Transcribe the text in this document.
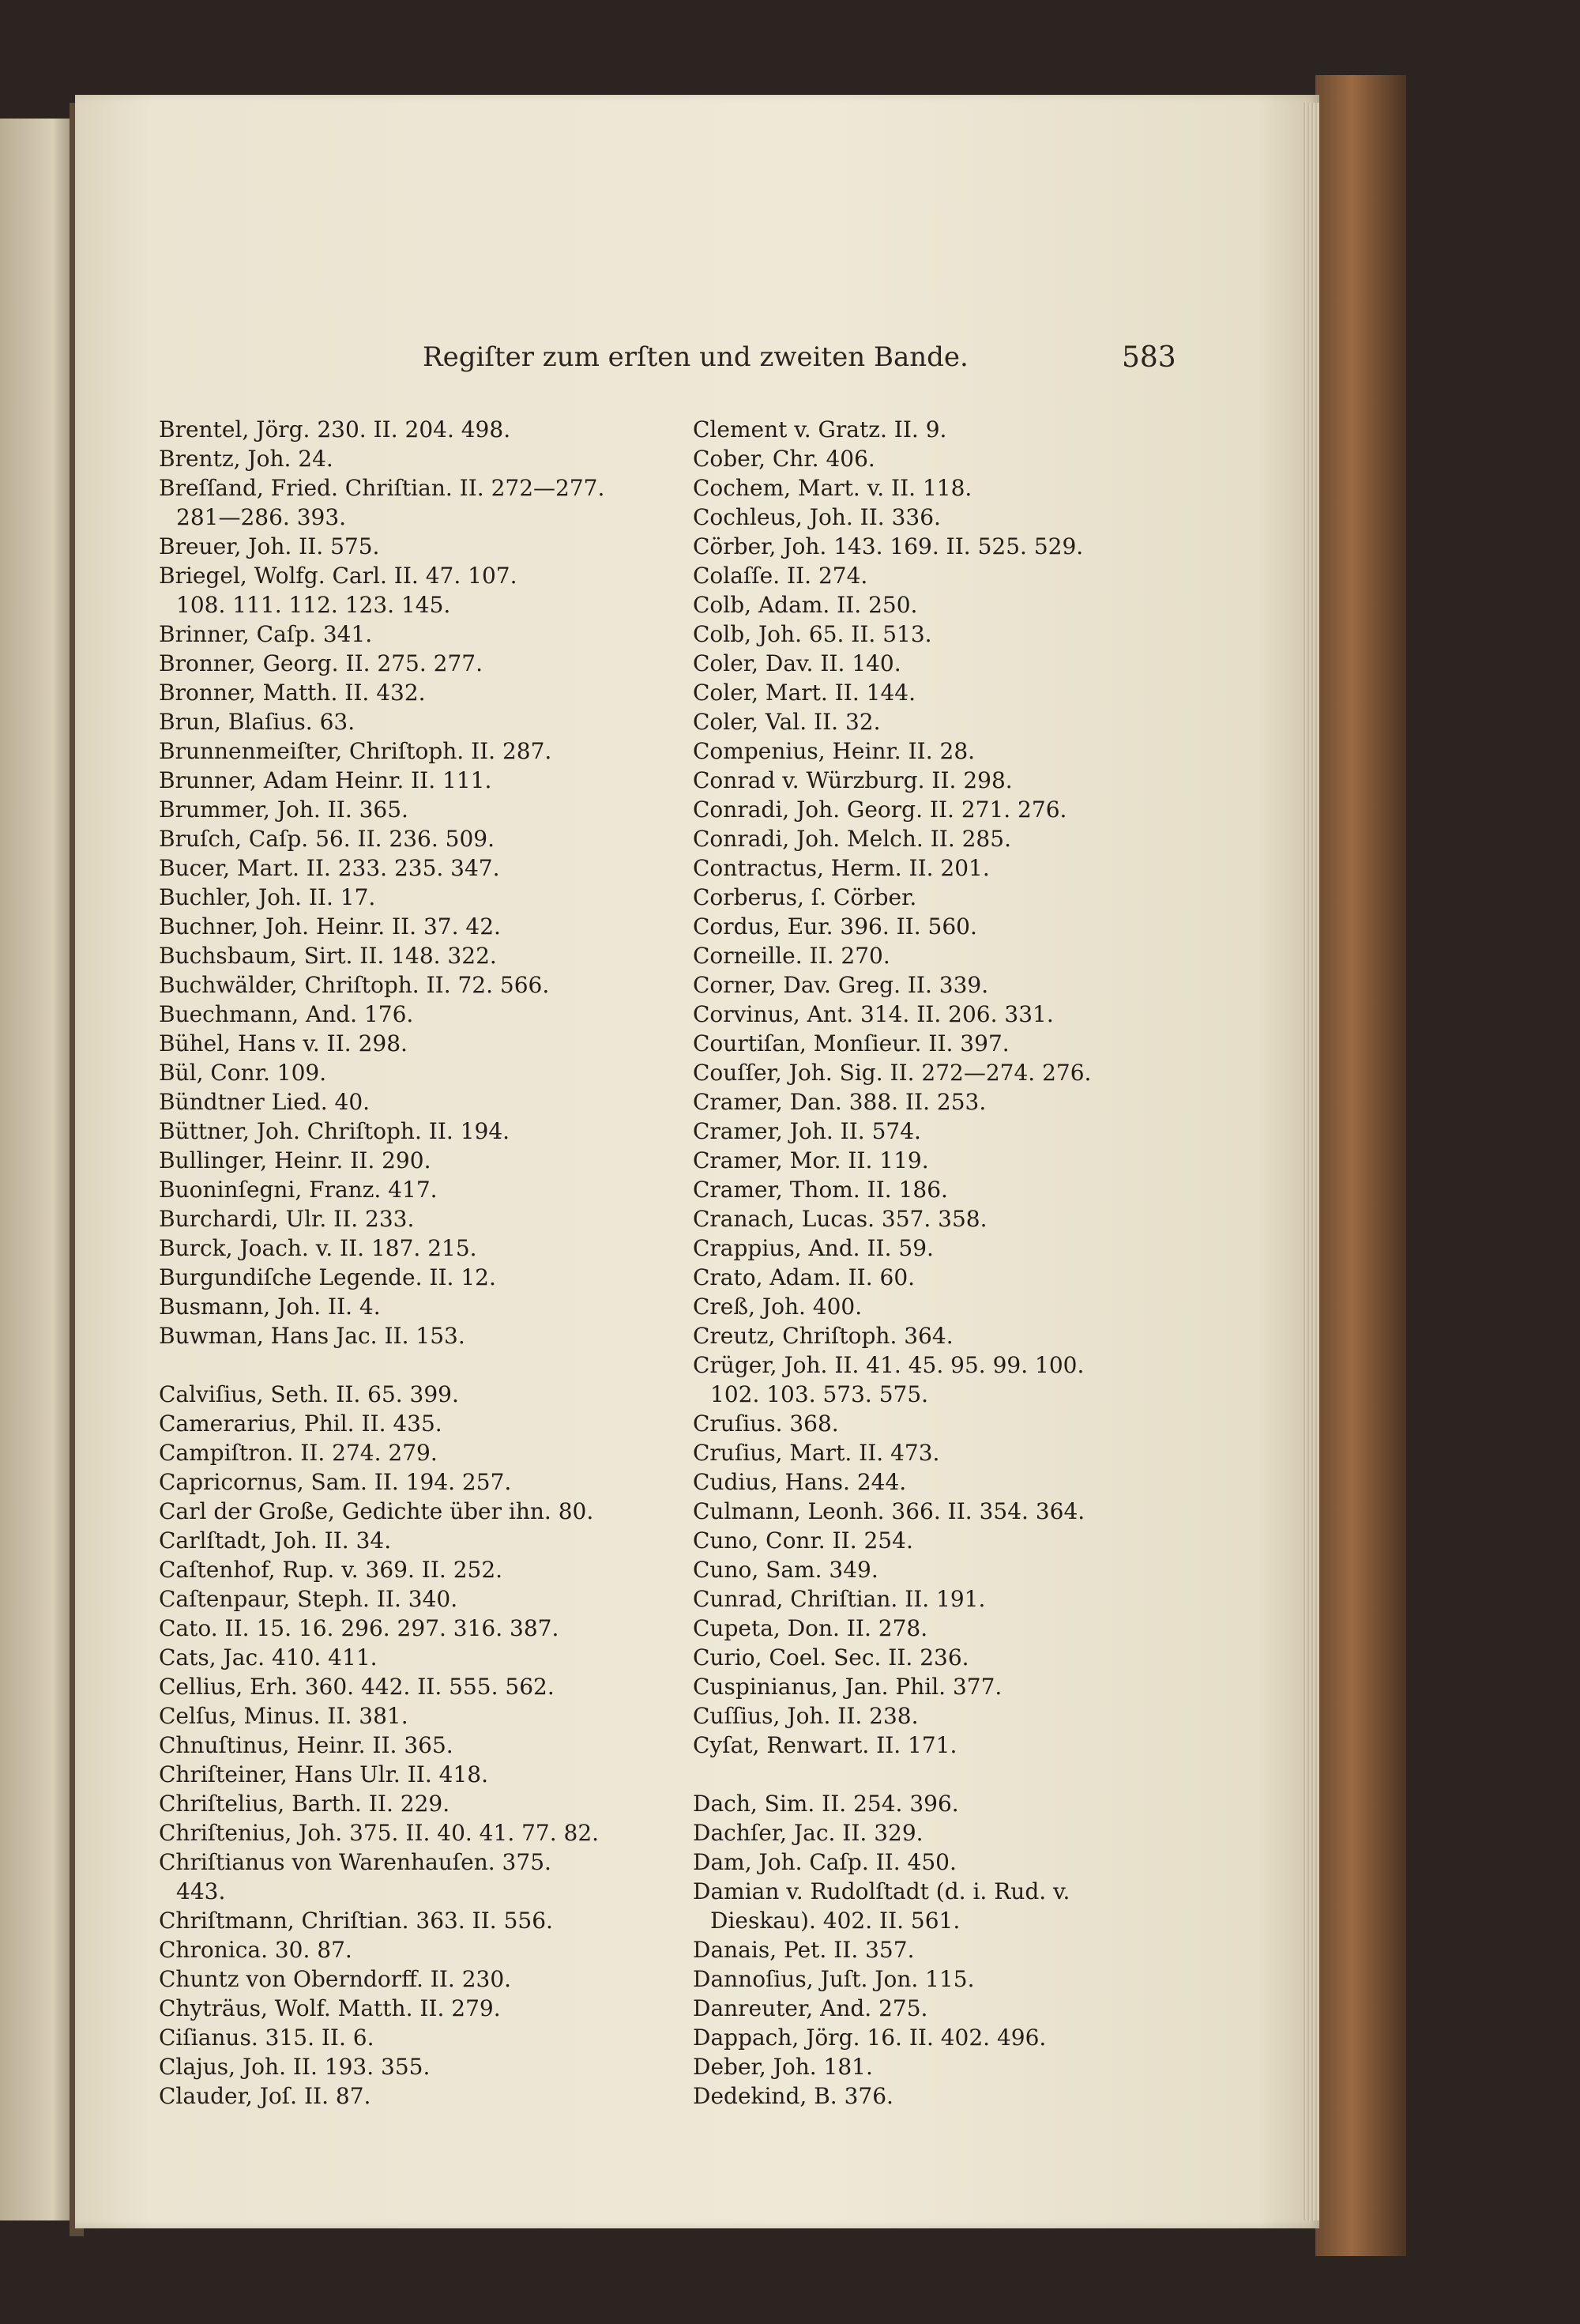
Regiſter zum erſten und zweiten Bande.	583
Brentel, Jörg. 230. II. 204. 498.
Brentz, Joh. 24.
Breſſand, Fried. Chriſtian. II. 272—277.
281—286. 393.
Breuer, Joh. II. 575.
Briegel, Wolfg. Carl. II. 47. 107.
108. 111. 112. 123. 145.
Brinner, Caſp. 341.
Bronner, Georg. II. 275. 277.
Bronner, Matth. II. 432.
Brun, Blaſius. 63.
Brunnenmeiſter, Chriſtoph. II. 287.
Brunner, Adam Heinr. II. 111.
Brummer, Joh. II. 365.
Bruſch, Caſp. 56. II. 236. 509.
Bucer, Mart. II. 233. 235. 347.
Buchler, Joh. II. 17.
Buchner, Joh. Heinr. II. 37. 42.
Buchsbaum, Sirt. II. 148. 322.
Buchwälder, Chriſtoph. II. 72. 566.
Buechmann, And. 176.
Bühel, Hans v. II. 298.
Bül, Conr. 109.
Bündtner Lied. 40.
Büttner, Joh. Chriſtoph. II. 194.
Bullinger, Heinr. II. 290.
Buoninſegni, Franz. 417.
Burchardi, Ulr. II. 233.
Burck, Joach. v. II. 187. 215.
Burgundiſche Legende. II. 12.
Busmann, Joh. II. 4.
Buwman, Hans Jac. II. 153.
Calviſius, Seth. II. 65. 399.
Camerarius, Phil. II. 435.
Campiſtron. II. 274. 279.
Capricornus, Sam. II. 194. 257.
Carl der Große, Gedichte über ihn. 80.
Carlſtadt, Joh. II. 34.
Caſtenhof, Rup. v. 369. II. 252.
Caſtenpaur, Steph. II. 340.
Cato. II. 15. 16. 296. 297. 316. 387.
Cats, Jac. 410. 411.
Cellius, Erh. 360. 442. II. 555. 562.
Celſus, Minus. II. 381.
Chnuſtinus, Heinr. II. 365.
Chriſteiner, Hans Ulr. II. 418.
Chriſtelius, Barth. II. 229.
Chriſtenius, Joh. 375. II. 40. 41. 77. 82.
Chriſtianus von Warenhauſen. 375.
443.
Chriſtmann, Chriſtian. 363. II. 556.
Chronica. 30. 87.
Chuntz von Oberndorff. II. 230.
Chyträus, Wolf. Matth. II. 279.
Ciſianus. 315. II. 6.
Clajus, Joh. II. 193. 355.
Clauder, Joſ. II. 87.
Clement v. Gratz. II. 9.
Cober, Chr. 406.
Cochem, Mart. v. II. 118.
Cochleus, Joh. II. 336.
Cörber, Joh. 143. 169. II. 525. 529.
Colaſſe. II. 274.
Colb, Adam. II. 250.
Colb, Joh. 65. II. 513.
Coler, Dav. II. 140.
Coler, Mart. II. 144.
Coler, Val. II. 32.
Compenius, Heinr. II. 28.
Conrad v. Würzburg. II. 298.
Conradi, Joh. Georg. II. 271. 276.
Conradi, Joh. Melch. II. 285.
Contractus, Herm. II. 201.
Corberus, ſ. Cörber.
Cordus, Eur. 396. II. 560.
Corneille. II. 270.
Corner, Dav. Greg. II. 339.
Corvinus, Ant. 314. II. 206. 331.
Courtiſan, Monſieur. II. 397.
Couſſer, Joh. Sig. II. 272—274. 276.
Cramer, Dan. 388. II. 253.
Cramer, Joh. II. 574.
Cramer, Mor. II. 119.
Cramer, Thom. II. 186.
Cranach, Lucas. 357. 358.
Crappius, And. II. 59.
Crato, Adam. II. 60.
Creß, Joh. 400.
Creutz, Chriſtoph. 364.
Crüger, Joh. II. 41. 45. 95. 99. 100.
102. 103. 573. 575.
Cruſius. 368.
Cruſius, Mart. II. 473.
Cudius, Hans. 244.
Culmann, Leonh. 366. II. 354. 364.
Cuno, Conr. II. 254.
Cuno, Sam. 349.
Cunrad, Chriſtian. II. 191.
Cupeta, Don. II. 278.
Curio, Coel. Sec. II. 236.
Cuspinianus, Jan. Phil. 377.
Cuſſius, Joh. II. 238.
Cyſat, Renwart. II. 171.
Dach, Sim. II. 254. 396.
Dachſer, Jac. II. 329.
Dam, Joh. Caſp. II. 450.
Damian v. Rudolſtadt (d. i. Rud. v.
Dieskau). 402. II. 561.
Danais, Pet. II. 357.
Dannoſius, Juſt. Jon. 115.
Danreuter, And. 275.
Dappach, Jörg. 16. II. 402. 496.
Deber, Joh. 181.
Dedekind, B. 376.
